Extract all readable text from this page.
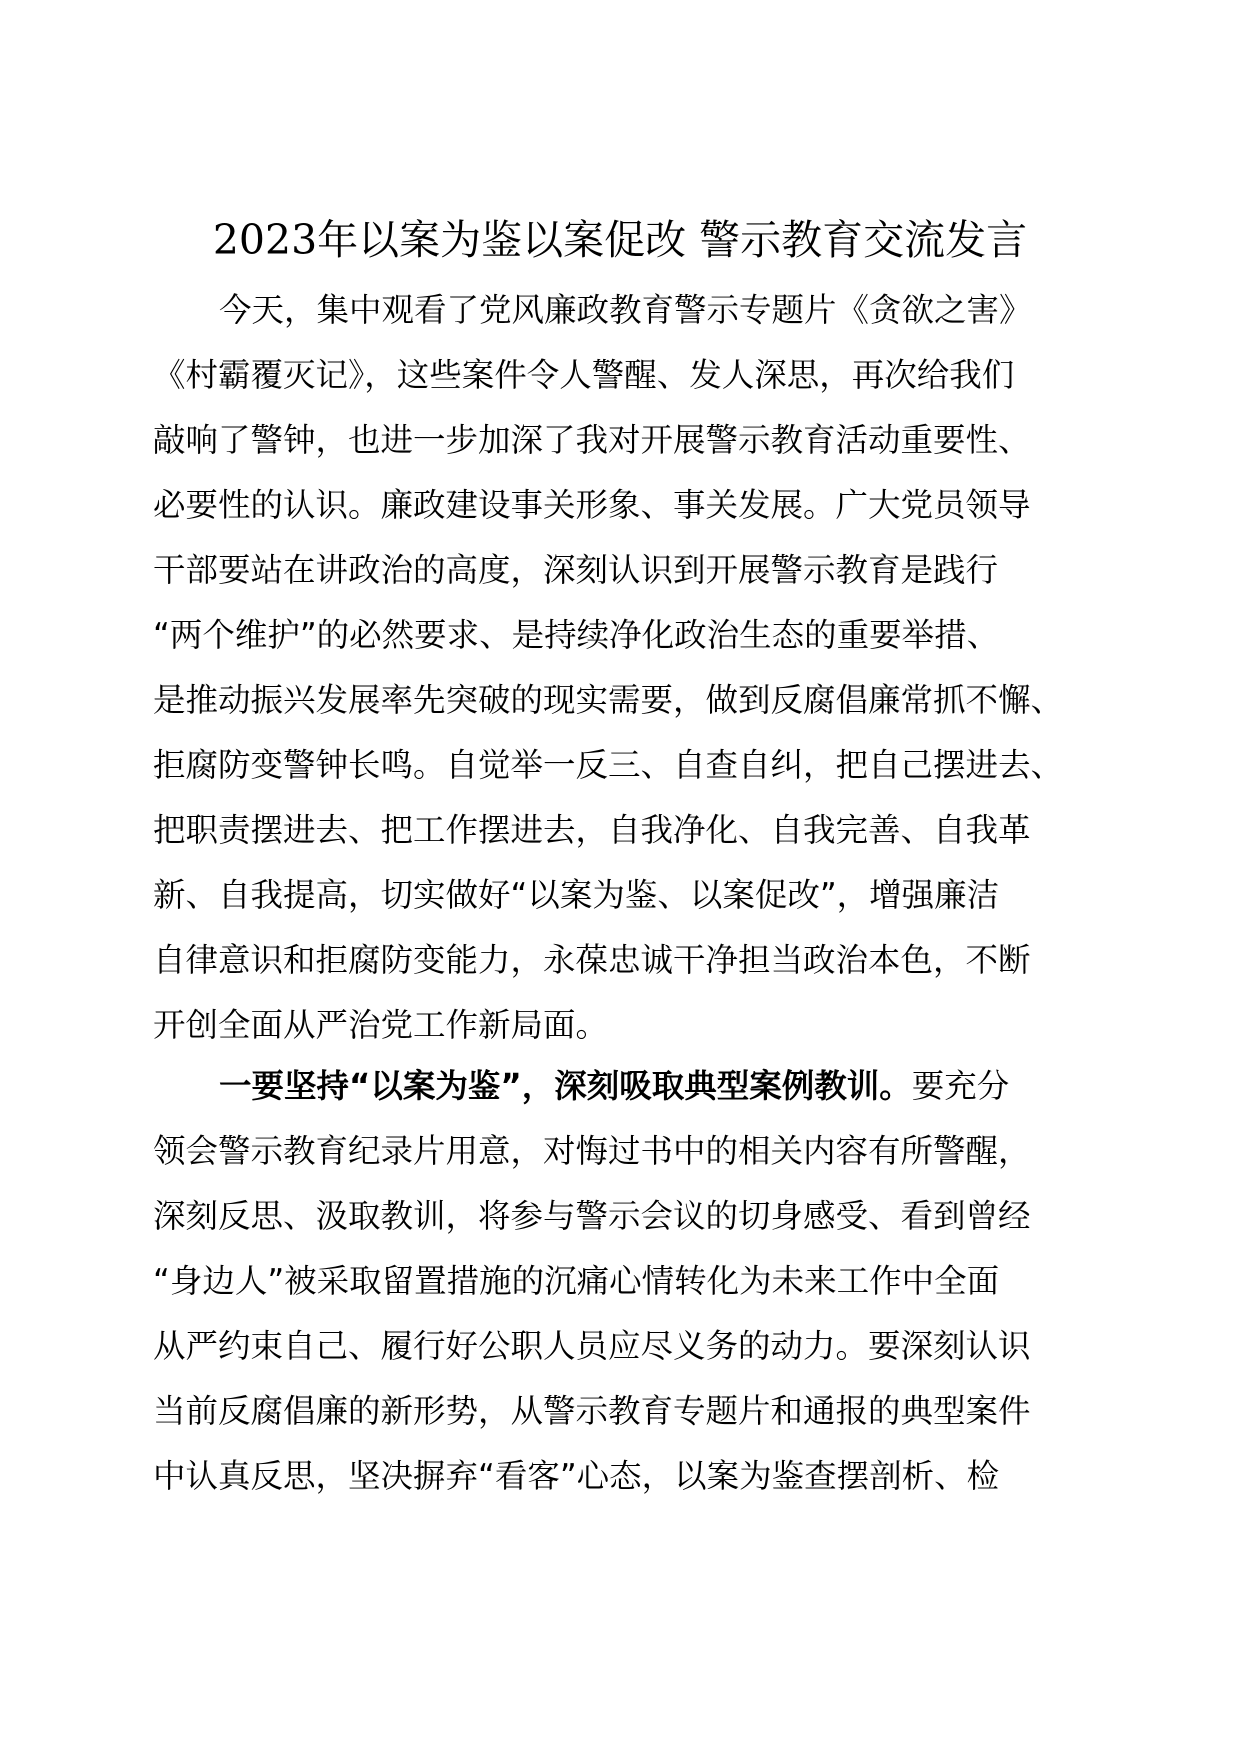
2023年以案为鉴以案促改 警示教育交流发言
今天，集中观看了党风廉政教育警示专题片《贪欲之害》
《村霸覆灭记》，这些案件令人警醒、发人深思，再次给我们
敲响了警钟，也进一步加深了我对开展警示教育活动重要性、
必要性的认识。廉政建设事关形象、事关发展。广大党员领导
干部要站在讲政治的高度，深刻认识到开展警示教育是践行
“两个维护”的必然要求、是持续净化政治生态的重要举措、
是推动振兴发展率先突破的现实需要，做到反腐倡廉常抓不懈、
拒腐防变警钟长鸣。自觉举一反三、自查自纠，把自己摆进去、
把职责摆进去、把工作摆进去，自我净化、自我完善、自我革
新、自我提高，切实做好“以案为鉴、以案促改”，增强廉洁
自律意识和拒腐防变能力，永葆忠诚干净担当政治本色，不断
开创全面从严治党工作新局面。
一要坚持“以案为鉴”，深刻吸取典型案例教训。要充分
领会警示教育纪录片用意，对悔过书中的相关内容有所警醒，
深刻反思、汲取教训，将参与警示会议的切身感受、看到曾经
“身边人”被采取留置措施的沉痛心情转化为未来工作中全面
从严约束自己、履行好公职人员应尽义务的动力。要深刻认识
当前反腐倡廉的新形势，从警示教育专题片和通报的典型案件
中认真反思，坚决摒弃“看客”心态，以案为鉴查摆剖析、检
